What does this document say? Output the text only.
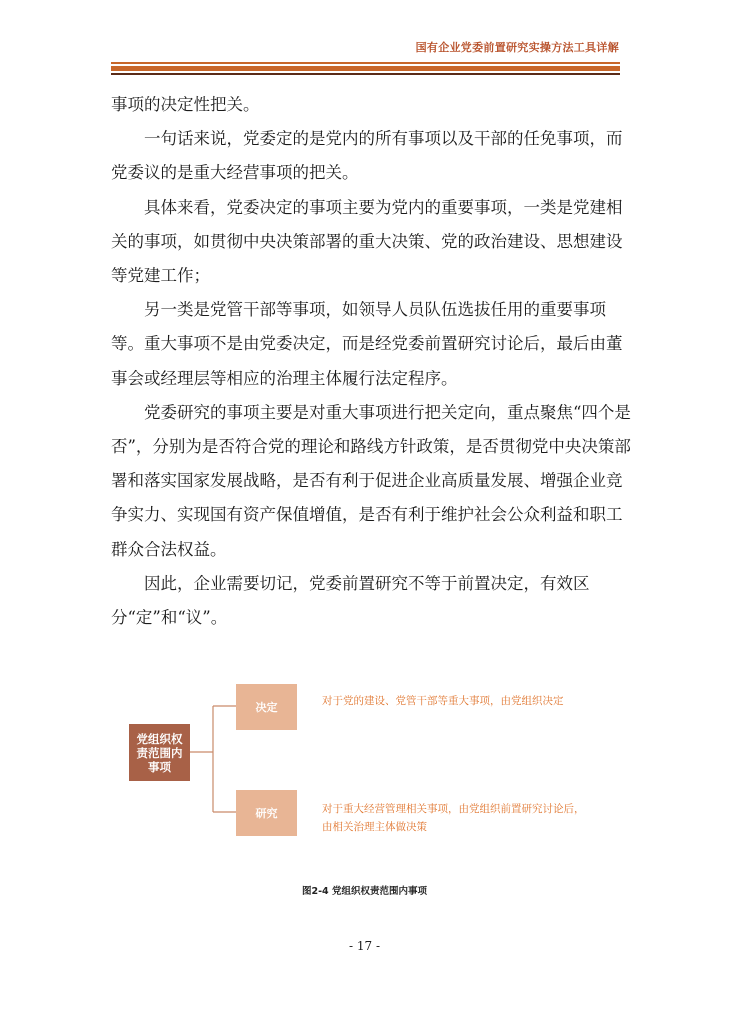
国有企业党委前置研究实操方法工具详解

事项的决定性把关。

一句话来说，党委定的是党内的所有事项以及干部的任免事项，而党委议的是重大经营事项的把关。

具体来看，党委决定的事项主要为党内的重要事项，一类是党建相关的事项，如贯彻中央决策部署的重大决策、党的政治建设、思想建设等党建工作；

另一类是党管干部等事项，如领导人员队伍选拔任用的重要事项等。重大事项不是由党委决定，而是经党委前置研究讨论后，最后由董事会或经理层等相应的治理主体履行法定程序。

党委研究的事项主要是对重大事项进行把关定向，重点聚焦“四个是否”，分别为是否符合党的理论和路线方针政策，是否贯彻党中央决策部署和落实国家发展战略，是否有利于促进企业高质量发展、增强企业竞争实力、实现国有资产保值增值，是否有利于维护社会公众利益和职工群众合法权益。

因此，企业需要切记，党委前置研究不等于前置决定，有效区分“定”和“议”。

党组织权
责范围内
事项
决定	对于党的建设、党管干部等重大事项，由党组织决定
研究	对于重大经营管理相关事项，由党组织前置研究讨论后，
由相关治理主体做决策
图2-4 党组织权责范围内事项
- 17 -
